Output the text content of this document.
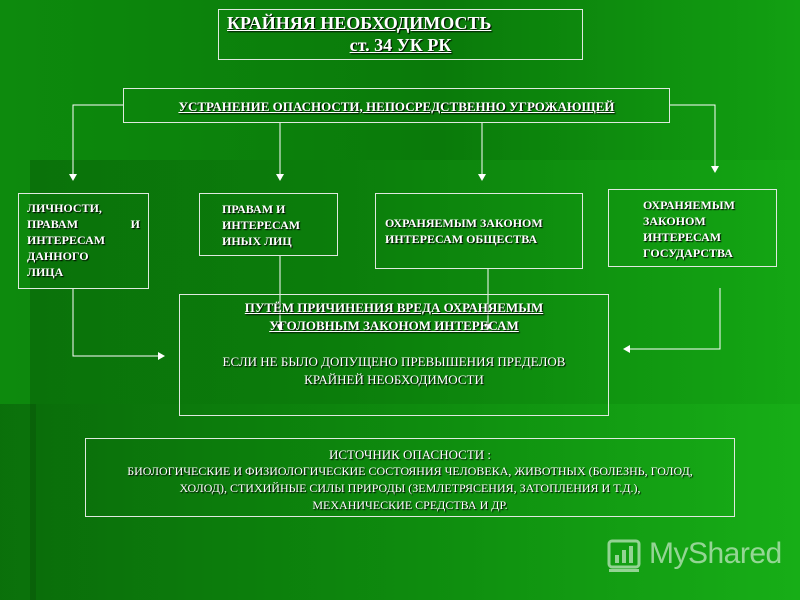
КРАЙНЯЯ НЕОБХОДИМОСТЬ
ст. 34 УК РК
УСТРАНЕНИЕ ОПАСНОСТИ, НЕПОСРЕДСТВЕННО УГРОЖАЮЩЕЙ
ЛИЧНОСТИ,
ПРАВАМ И
ИНТЕРЕСАМ
ДАННОГО
ЛИЦА
ПРАВАМ И
ИНТЕРЕСАМ
ИНЫХ ЛИЦ
ОХРАНЯЕМЫМ ЗАКОНОМ
ИНТЕРЕСАМ ОБЩЕСТВА
ОХРАНЯЕМЫМ
ЗАКОНОМ
ИНТЕРЕСАМ
ГОСУДАРСТВА
ПУТЁМ ПРИЧИНЕНИЯ ВРЕДА ОХРАНЯЕМЫМ
УГОЛОВНЫМ ЗАКОНОМ ИНТЕРЕСАМ
ЕСЛИ НЕ БЫЛО ДОПУЩЕНО ПРЕВЫШЕНИЯ ПРЕДЕЛОВ
КРАЙНЕЙ НЕОБХОДИМОСТИ
ИСТОЧНИК ОПАСНОСТИ :
БИОЛОГИЧЕСКИЕ И ФИЗИОЛОГИЧЕСКИЕ СОСТОЯНИЯ ЧЕЛОВЕКА, ЖИВОТНЫХ (БОЛЕЗНЬ, ГОЛОД,
ХОЛОД), СТИХИЙНЫЕ СИЛЫ ПРИРОДЫ (ЗЕМЛЕТРЯСЕНИЯ, ЗАТОПЛЕНИЯ И Т.Д.),
МЕХАНИЧЕСКИЕ СРЕДСТВА И ДР.
MyShared
